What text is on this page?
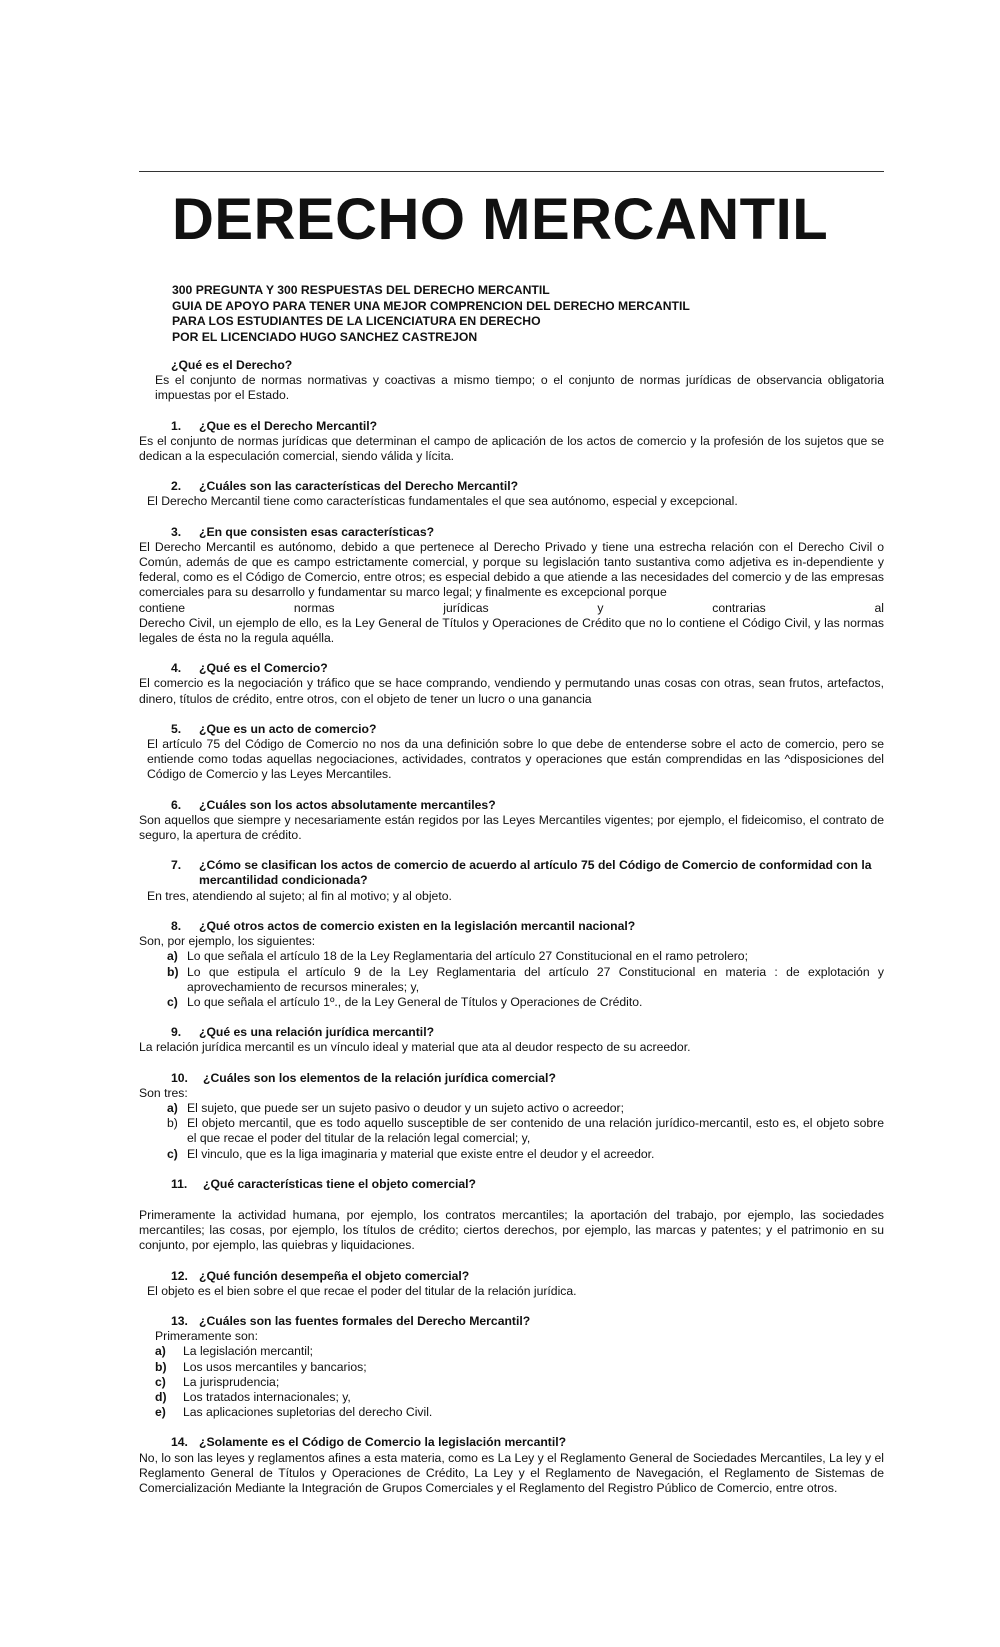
DERECHO MERCANTIL
300 PREGUNTA Y 300 RESPUESTAS DEL DERECHO MERCANTIL
GUIA DE APOYO PARA TENER UNA MEJOR COMPRENCION DEL DERECHO MERCANTIL
PARA LOS ESTUDIANTES DE LA LICENCIATURA EN DERECHO
POR EL LICENCIADO HUGO SANCHEZ CASTREJON
¿Qué es el Derecho?

Es el conjunto de normas normativas y coactivas a mismo tiempo; o el conjunto de normas jurídicas de observancia obligatoria impuestas por el Estado.

1. ¿Que es el Derecho Mercantil?

Es el conjunto de normas jurídicas que determinan el campo de aplicación de los actos de comercio y la profesión de los sujetos que se dedican a la especulación comercial, siendo válida y lícita.

2. ¿Cuáles son las características del Derecho Mercantil?

El Derecho Mercantil tiene como características fundamentales el que sea autónomo, especial y excepcional.

3. ¿En que consisten esas características?

El Derecho Mercantil es autónomo, debido a que pertenece al Derecho Privado y tiene una estrecha relación con el Derecho Civil o Común, además de que es campo estrictamente comercial, y porque su legislación tanto sustantiva como adjetiva es in-dependiente y federal, como es el Código de Comercio, entre otros; es especial debido a que atiende a las necesidades del comercio y de las empresas comerciales para su desarrollo y fundamentar su marco legal; y finalmente es excepcional porque

contiene normas jurídicas y contrarias al

Derecho Civil, un ejemplo de ello, es la Ley General de Títulos y Operaciones de Crédito que no lo contiene el Código Civil, y las normas legales de ésta no la regula aquélla.

4. ¿Qué es el Comercio?

El comercio es la negociación y tráfico que se hace comprando, vendiendo y permutando unas cosas con otras, sean frutos, artefactos, dinero, títulos de crédito, entre otros, con el objeto de tener un lucro o una ganancia

5. ¿Que es un acto de comercio?

El artículo 75 del Código de Comercio no nos da una definición sobre lo que debe de entenderse sobre el acto de comercio, pero se entiende como todas aquellas negociaciones, actividades, contratos y operaciones que están comprendidas en las ^disposiciones del Código de Comercio y las Leyes Mercantiles.

6. ¿Cuáles son los actos absolutamente mercantiles?

Son aquellos que siempre y necesariamente están regidos por las Leyes Mercantiles vigentes; por ejemplo, el fideicomiso, el contrato de seguro, la apertura de crédito.

7. ¿Cómo se clasifican los actos de comercio de acuerdo al artículo 75 del Código de Comercio de conformidad con la mercantilidad condicionada?

En tres, atendiendo al sujeto; al fin al motivo; y al objeto.

8. ¿Qué otros actos de comercio existen en la legislación mercantil nacional?

Son, por ejemplo, los siguientes:

a) Lo que señala el artículo 18 de la Ley Reglamentaria del artículo 27 Constitucional en el ramo petrolero;
b) Lo que estipula el artículo 9 de la Ley Reglamentaria del artículo 27 Constitucional en materia : de explotación y aprovechamiento de recursos minerales; y,
c) Lo que señala el artículo 1º., de la Ley General de Títulos y Operaciones de Crédito.
9. ¿Qué es una relación jurídica mercantil?

La relación jurídica mercantil es un vínculo ideal y material que ata al deudor respecto de su acreedor.

10. ¿Cuáles son los elementos de la relación jurídica comercial?

Son tres:

a) El sujeto, que puede ser un sujeto pasivo o deudor y un sujeto activo o acreedor;
b) El objeto mercantil, que es todo aquello susceptible de ser contenido de una relación jurídico-mercantil, esto es, el objeto sobre el que recae el poder del titular de la relación legal comercial; y,
c) El vinculo, que es la liga imaginaria y material que existe entre el deudor y el acreedor.
11. ¿Qué características tiene el objeto comercial?

Primeramente la actividad humana, por ejemplo, los contratos mercantiles; la aportación del trabajo, por ejemplo, las sociedades mercantiles; las cosas, por ejemplo, los títulos de crédito; ciertos derechos, por ejemplo, las marcas y patentes; y el patrimonio en su conjunto, por ejemplo, las quiebras y liquidaciones.

12. ¿Qué función desempeña el objeto comercial?

El objeto es el bien sobre el que recae el poder del titular de la relación jurídica.

13. ¿Cuáles son las fuentes formales del Derecho Mercantil?

Primeramente son:

a)	La legislación mercantil;
b)	Los usos mercantiles y bancarios;
c)	La jurisprudencia;
d)	Los tratados internacionales; y,
e)	Las aplicaciones supletorias del derecho Civil.
14. ¿Solamente es el Código de Comercio la legislación mercantil?

No, lo son las leyes y reglamentos afines a esta materia, como es La Ley y el Reglamento General de Sociedades Mercantiles, La ley y el Reglamento General de Títulos y Operaciones de Crédito, La Ley y el Reglamento de Navegación, el Reglamento de Sistemas de Comercialización Mediante la Integración de Grupos Comerciales y el Reglamento del Registro Público de Comercio, entre otros.
